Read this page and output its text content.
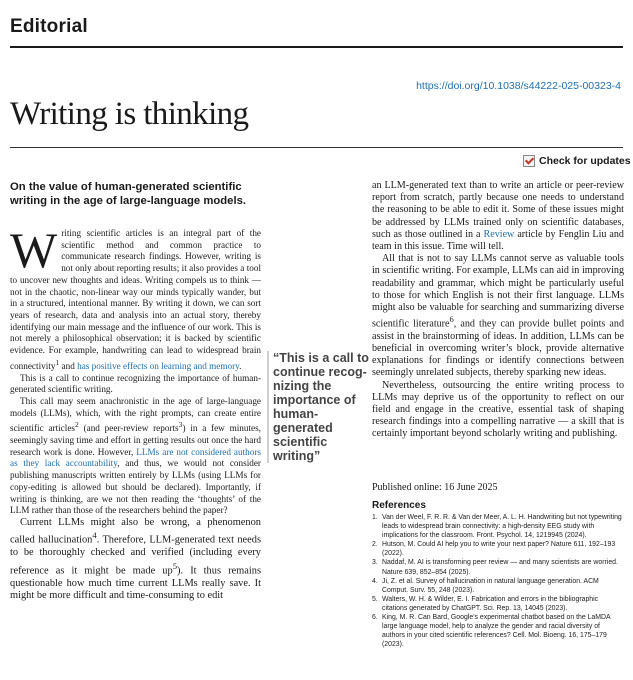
Editorial
https://doi.org/10.1038/s44222-025-00323-4
Writing is thinking
Check for updates
On the value of human-generated scientific writing in the age of large-language models.

Writing scientific articles is an integral part of the scientific method and common practice to communicate research findings. However, writing is not only about reporting results; it also provides a tool to uncover new thoughts and ideas. Writing compels us to think — not in the chaotic, non-linear way our minds typically wander, but in a structured, intentional manner. By writing it down, we can sort years of research, data and analysis into an actual story, thereby identifying our main message and the influence of our work. This is not merely a philosophical observation; it is backed by scientific evidence. For example, handwriting can lead to widespread brain connectivity$^1$ and has positive effects on learning and memory.

This is a call to continue recognizing the importance of human-generated scientific writing.

This call may seem anachronistic in the age of large-language models (LLMs), which, with the right prompts, can create entire scientific articles$^2$ (and peer-review reports$^3$) in a few minutes, seemingly saving time and effort in getting results out once the hard research work is done. However, LLMs are not considered authors as they lack accountability, and thus, we would not consider publishing manuscripts written entirely by LLMs (using LLMs for copy-editing is allowed but should be declared). Importantly, if writing is thinking, are we not then reading the ‘thoughts’ of the LLM rather than those of the researchers behind the paper?

Current LLMs might also be wrong, a phenomenon called hallucination$^4$. Therefore, LLM-generated text needs to be thoroughly checked and verified (including every reference as it might be made $up^5$). It thus remains questionable how much time current LLMs really save. It might be more difficult and time-consuming to edit

“This is a call to continue recog-nizing the importance of human-generated scientific writing”

an LLM-generated text than to write an article or peer-review report from scratch, partly because one needs to understand the reasoning to be able to edit it. Some of these issues might be addressed by LLMs trained only on scientific databases, such as those outlined in a Review article by Fenglin Liu and team in this issue. Time will tell.

All that is not to say LLMs cannot serve as valuable tools in scientific writing. For example, LLMs can aid in improving readability and grammar, which might be particularly useful to those for which English is not their first language. LLMs might also be valuable for searching and summarizing diverse scientific literature$^6$, and they can provide bullet points and assist in the brainstorming of ideas. In addition, LLMs can be beneficial in overcoming writer’s block, provide alternative explanations for findings or identify connections between seemingly unrelated subjects, thereby sparking new ideas.

Nevertheless, outsourcing the entire writing process to LLMs may deprive us of the opportunity to reflect on our field and engage in the creative, essential task of shaping research findings into a compelling narrative — a skill that is certainly important beyond scholarly writing and publishing.

Published online: 16 June 2025
References
1. Van der Weel, F. R. R. & Van der Meer, A. L. H. Handwriting but not typewriting leads to widespread brain connectivity: a high-density EEG study with implications for the classroom. Front. Psychol. 14, 1219945 (2024).
2. Hutson, M. Could AI help you to write your next paper? Nature 611, 192–193 (2022).
3. Naddaf, M. AI is transforming peer review — and many scientists are worried. Nature 639, 852–854 (2025).
4. Ji, Z. et al. Survey of hallucination in natural language generation. ACM Comput. Surv. 55, 248 (2023).
5. Walters, W. H. & Wilder, E. I. Fabrication and errors in the bibliographic citations generated by ChatGPT. Sci. Rep. 13, 14045 (2023).
6. King, M. R. Can Bard, Google’s experimental chatbot based on the LaMDA large language model, help to analyze the gender and racial diversity of authors in your cited scientific references? Cell. Mol. Bioeng. 16, 175–179 (2023).
